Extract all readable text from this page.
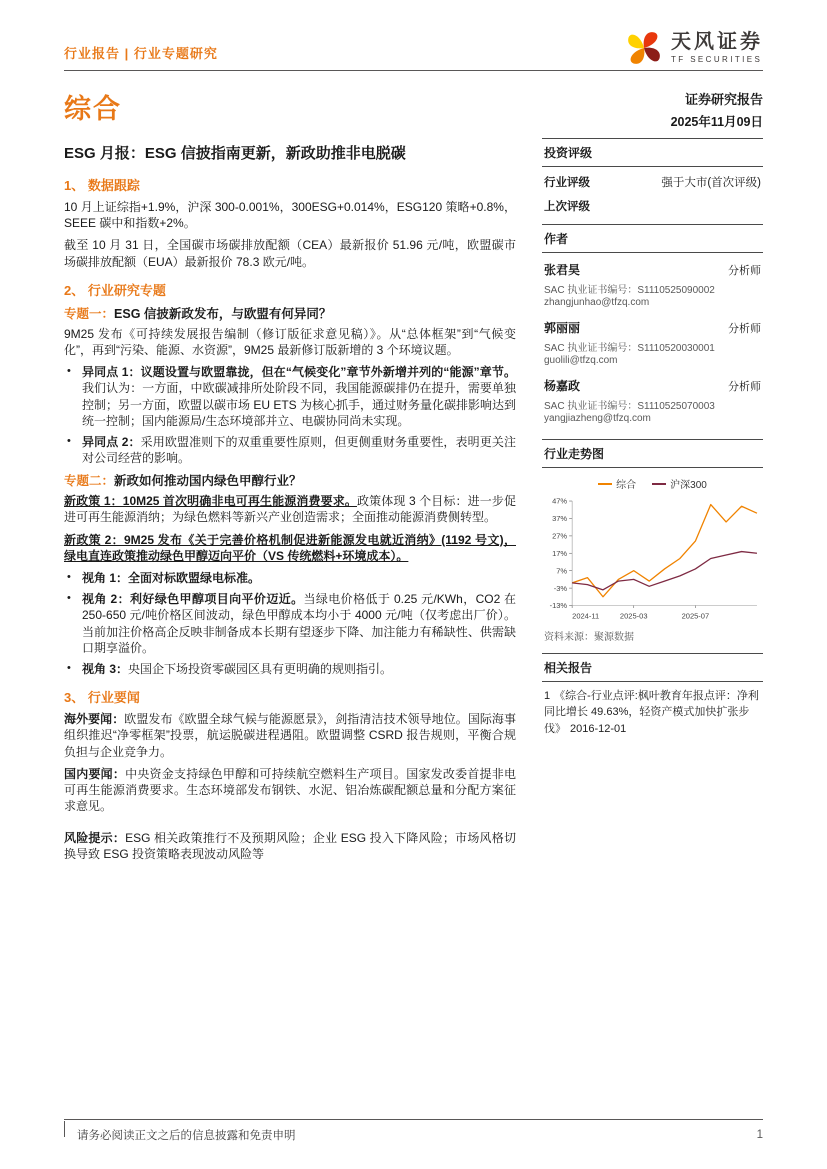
行业报告 | 行业专题研究
天风证券
TF SECURITIES
综合	证券研究报告
2025年11月09日
ESG 月报：ESG 信披指南更新，新政助推非电脱碳
1、 数据跟踪

10 月上证综指+1.9%，沪深 300-0.001%，300ESG+0.014%，ESG120 策略+0.8%，SEEE 碳中和指数+2%。

截至 10 月 31 日，全国碳市场碳排放配额（CEA）最新报价 51.96 元/吨，欧盟碳市场碳排放配额（EUA）最新报价 78.3 欧元/吨。

2、 行业研究专题

专题一：ESG 信披新政发布，与欧盟有何异同？

9M25 发布《可持续发展报告编制（修订版征求意见稿）》。从“总体框架”到“气候变化”，再到“污染、能源、水资源”，9M25 最新修订版新增的 3 个环境议题。

• 异同点 1：议题设置与欧盟靠拢，但在“气候变化”章节外新增并列的“能源”章节。我们认为：一方面，中欧碳减排所处阶段不同，我国能源碳排仍在提升，需要单独控制；另一方面，欧盟以碳市场 EU ETS 为核心抓手，通过财务量化碳排影响达到统一控制；国内能源局/生态环境部并立、电碳协同尚未实现。
• 异同点 2：采用欧盟准则下的双重重要性原则，但更侧重财务重要性，表明更关注对公司经营的影响。

专题二：新政如何推动国内绿色甲醇行业？

新政策 1：10M25 首次明确非电可再生能源消费要求。政策体现 3 个目标：进一步促进可再生能源消纳；为绿色燃料等新兴产业创造需求；全面推动能源消费侧转型。

新政策 2：9M25 发布《关于完善价格机制促进新能源发电就近消纳》(1192 号文)，绿电直连政策推动绿色甲醇迈向平价（VS 传统燃料+环境成本）。

• 视角 1：全面对标欧盟绿电标准。
• 视角 2：利好绿色甲醇项目向平价迈近。当绿电价格低于 0.25 元/KWh，CO2 在 250-650 元/吨价格区间波动，绿色甲醇成本均小于 4000 元/吨（仅考虑出厂价）。当前加注价格高企反映非制备成本长期有望逐步下降、加注能力有稀缺性、供需缺口期享溢价。
• 视角 3：央国企下场投资零碳园区具有更明确的规则指引。
3、 行业要闻

海外要闻：欧盟发布《欧盟全球气候与能源愿景》，剑指清洁技术领导地位。国际海事组织推迟“净零框架”投票，航运脱碳进程遇阻。欧盟调整 CSRD 报告规则，平衡合规负担与企业竞争力。

国内要闻：中央资金支持绿色甲醇和可持续航空燃料生产项目。国家发改委首提非电可再生能源消费要求。生态环境部发布钢铁、水泥、铝冶炼碳配额总量和分配方案征求意见。

风险提示：ESG 相关政策推行不及预期风险；企业 ESG 投入下降风险；市场风格切换导致 ESG 投资策略表现波动风险等

投资评级
行业评级	强于大市(首次评级)
上次评级
作者
张君昊	分析师
SAC 执业证书编号：S1110525090002
zhangjunhao@tfzq.com
郭丽丽	分析师
SAC 执业证书编号：S1110520030001
guolili@tfzq.com
杨嘉政	分析师
SAC 执业证书编号：S1110525070003
yangjiazheng@tfzq.com
行业走势图
综合	沪深300
47%
37%
27%
17%
7%
-3%
-13%
2024-11	2025-03	2025-07
资料来源：聚源数据
相关报告
1 《综合-行业点评:枫叶教育年报点评：净利同比增长 49.63%，轻资产模式加快扩张步伐》 2016-12-01
请务必阅读正文之后的信息披露和免责申明	1
